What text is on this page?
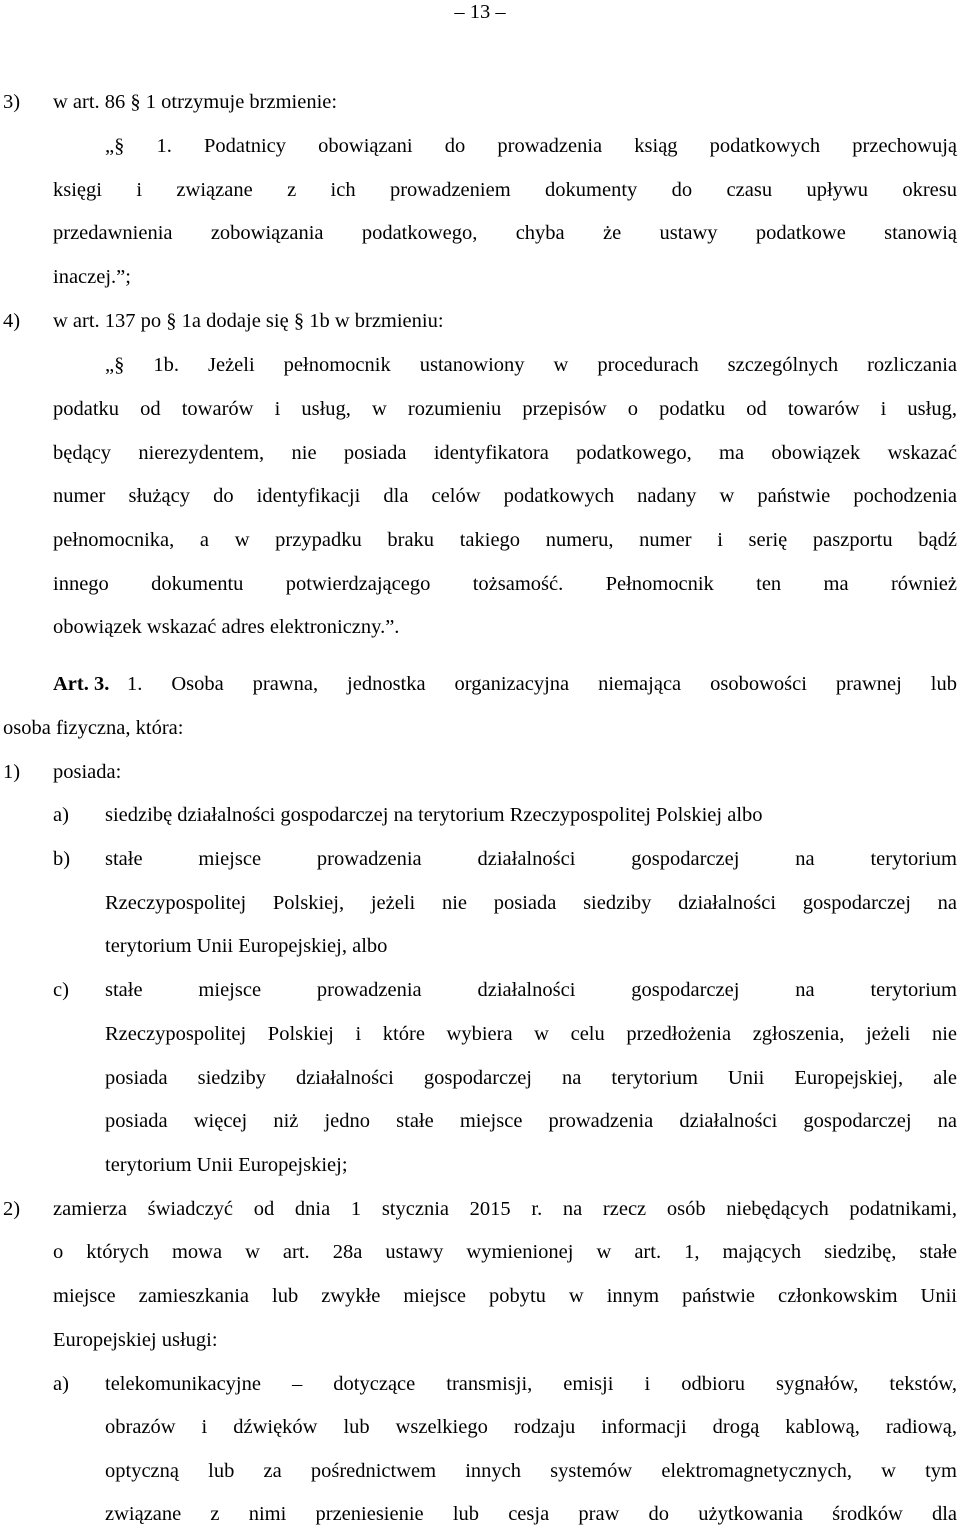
– 13 –
3) w art. 86 § 1 otrzymuje brzmienie:
„§ 1. Podatnicy obowiązani do prowadzenia ksiąg podatkowych przechowują
księgi i związane z ich prowadzeniem dokumenty do czasu upływu okresu
przedawnienia zobowiązania podatkowego, chyba że ustawy podatkowe stanowią
inaczej.”;
4) w art. 137 po § 1a dodaje się § 1b w brzmieniu:
„§ 1b. Jeżeli pełnomocnik ustanowiony w procedurach szczególnych rozliczania
podatku od towarów i usług, w rozumieniu przepisów o podatku od towarów i usług,
będący nierezydentem, nie posiada identyfikatora podatkowego, ma obowiązek wskazać
numer służący do identyfikacji dla celów podatkowych nadany w państwie pochodzenia
pełnomocnika, a w przypadku braku takiego numeru, numer i serię paszportu bądź
innego dokumentu potwierdzającego tożsamość. Pełnomocnik ten ma również
obowiązek wskazać adres elektroniczny.”.
Art. 3. 1. Osoba prawna, jednostka organizacyjna niemająca osobowości prawnej lub
osoba fizyczna, która:
1) posiada:
a) siedzibę działalności gospodarczej na terytorium Rzeczypospolitej Polskiej albo
b) stałe miejsce prowadzenia działalności gospodarczej na terytorium
Rzeczypospolitej Polskiej, jeżeli nie posiada siedziby działalności gospodarczej na
terytorium Unii Europejskiej, albo
c) stałe miejsce prowadzenia działalności gospodarczej na terytorium
Rzeczypospolitej Polskiej i które wybiera w celu przedłożenia zgłoszenia, jeżeli nie
posiada siedziby działalności gospodarczej na terytorium Unii Europejskiej, ale
posiada więcej niż jedno stałe miejsce prowadzenia działalności gospodarczej na
terytorium Unii Europejskiej;
2) zamierza świadczyć od dnia 1 stycznia 2015 r. na rzecz osób niebędących podatnikami,
o których mowa w art. 28a ustawy wymienionej w art. 1, mających siedzibę, stałe
miejsce zamieszkania lub zwykłe miejsce pobytu w innym państwie członkowskim Unii
Europejskiej usługi:
a) telekomunikacyjne – dotyczące transmisji, emisji i odbioru sygnałów, tekstów,
obrazów i dźwięków lub wszelkiego rodzaju informacji drogą kablową, radiową,
optyczną lub za pośrednictwem innych systemów elektromagnetycznych, w tym
związane z nimi przeniesienie lub cesja praw do użytkowania środków dla
